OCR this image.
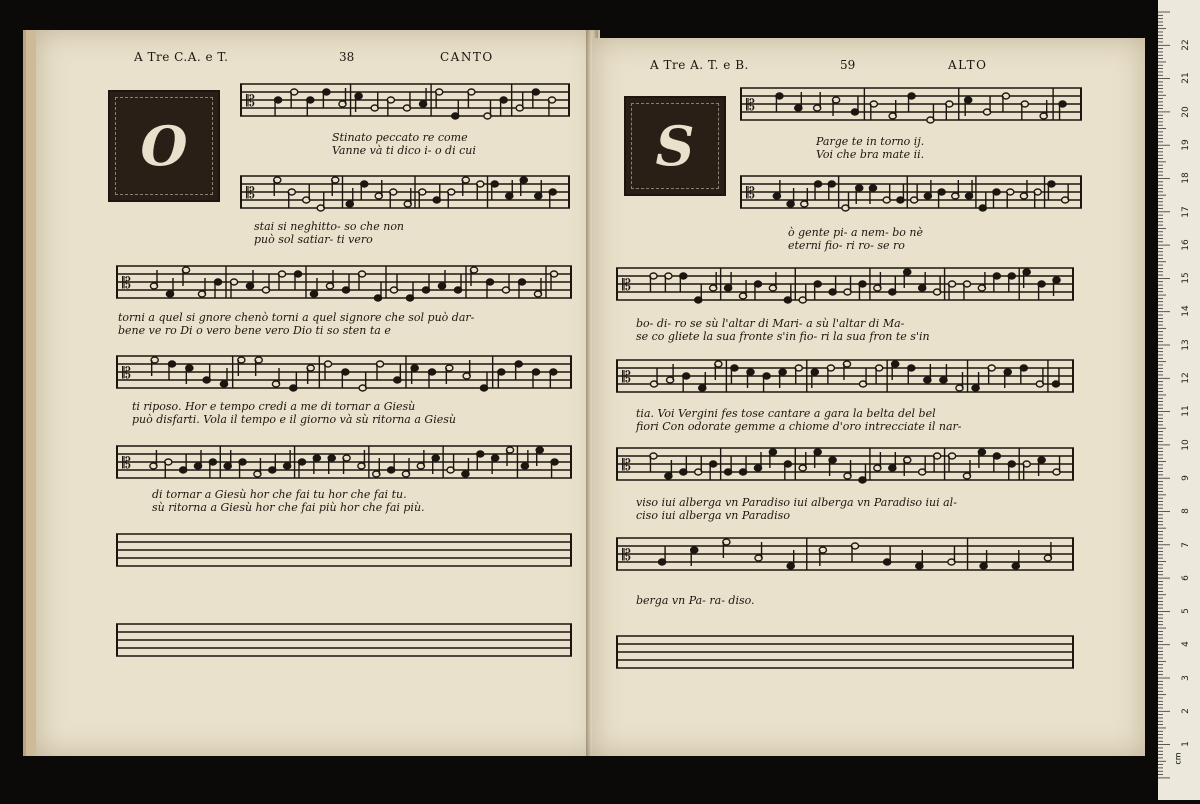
A Tre C.A. e T.	38	CANTO
O
𝄡
Stinato peccato re come
Vanne và ti dico i- o di cui
𝄡
stai si neghitto- so che non
può sol satiar- ti vero
𝄡
torni a quel si gnore chenò torni a quel signore che sol può dar-
bene ve ro Di o vero bene vero Dio ti so sten ta e
𝄡
ti riposo. Hor e tempo credi a me di tornar a Giesù
può disfarti. Vola il tempo e il giorno và sù ritorna a Giesù
𝄡
di tornar a Giesù hor che fai tu hor che fai tu.
sù ritorna a Giesù hor che fai più hor che fai più.
A Tre A. T. e B.	59	ALTO
S
𝄡
Parge te in torno ij.
Voi che bra mate ii.
𝄡
ò gente pi- a nem- bo nè
eterni fio- ri ro- se ro
𝄡
bo- di- ro se sù l'altar di Mari- a sù l'altar di Ma-
se co gliete la sua fronte s'in fio- ri la sua fron te s'in
𝄡
tia. Voi Vergini fes tose cantare a gara la belta del bel
fiori Con odorate gemme a chiome d'oro intrecciate il nar-
𝄡
viso iui alberga vn Paradiso iui alberga vn Paradiso iui al-
ciso iui alberga vn Paradiso
𝄡
berga vn Pa- ra- diso.
22
21
20
19
18
17
16
15
14
13
12
11
10
9
8
7
6
5
4
3
2
1
cm
